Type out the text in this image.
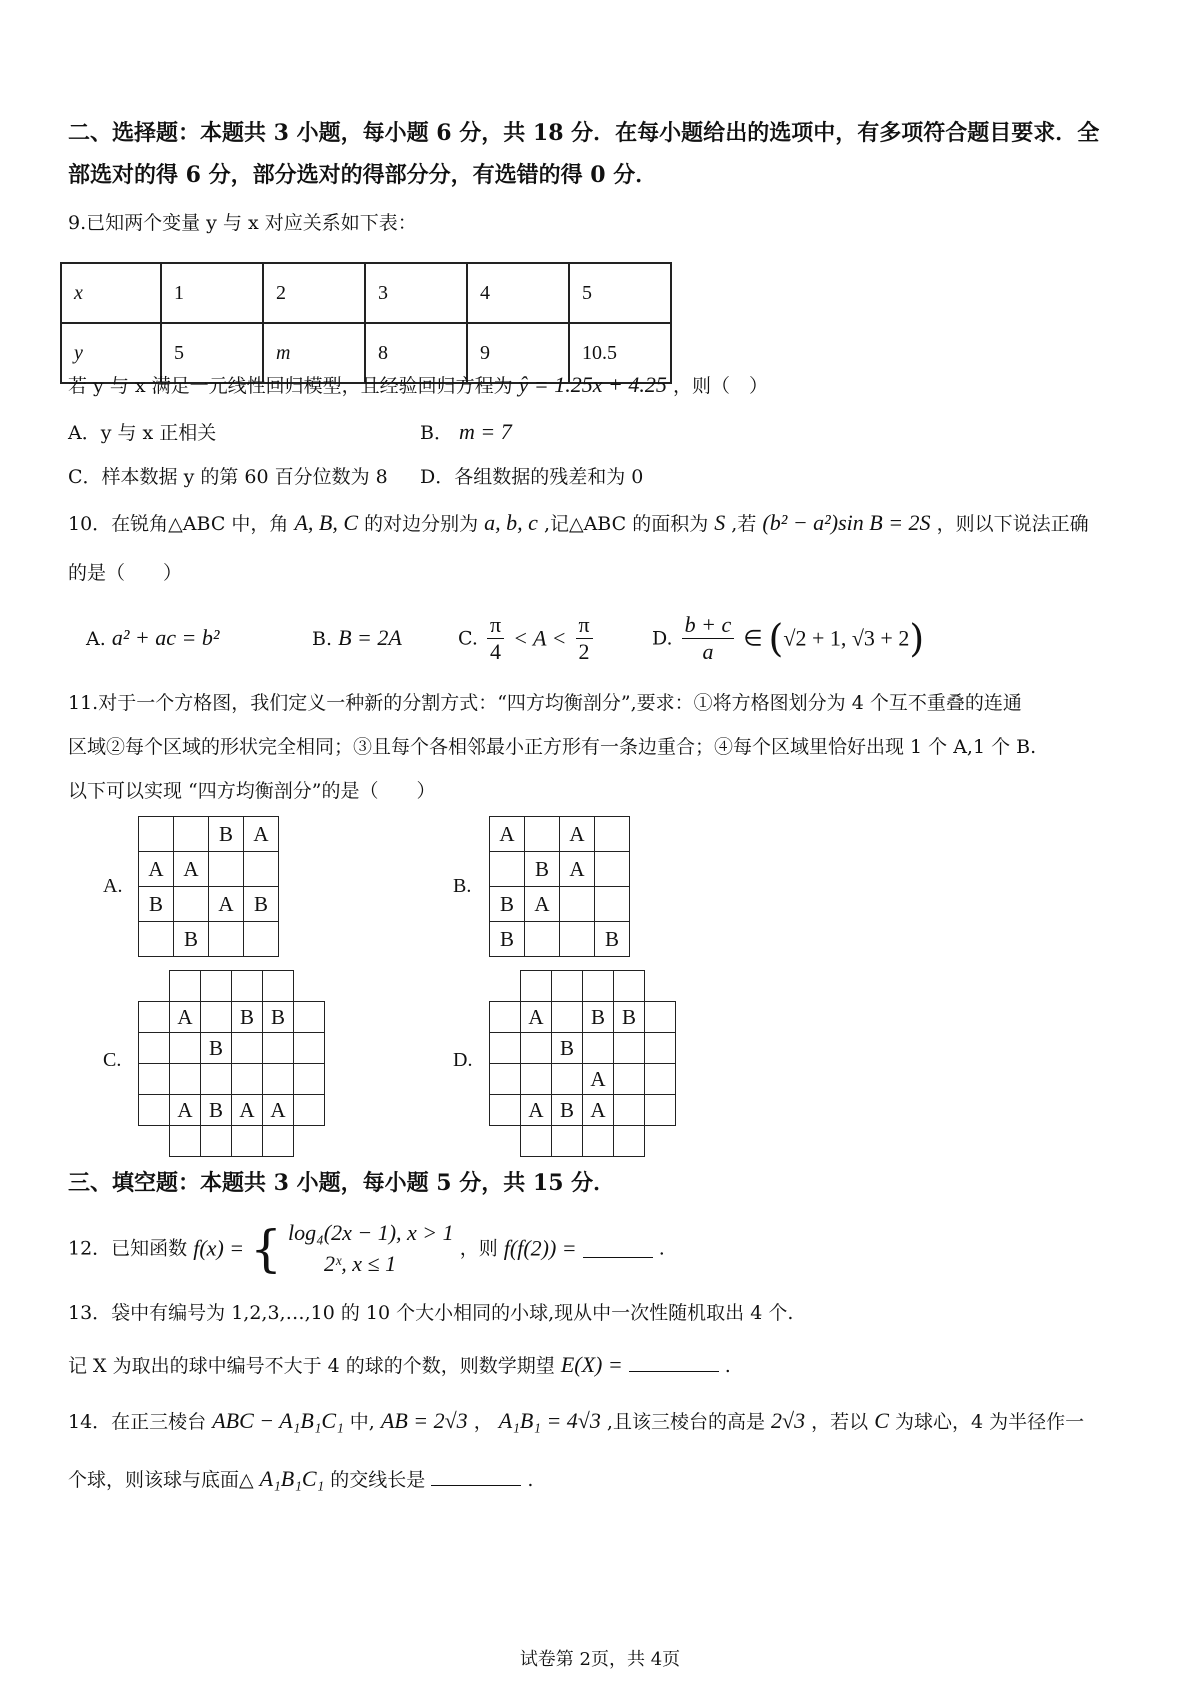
二、选择题：本题共 3 小题，每小题 6 分，共 18 分．在每小题给出的选项中，有多项符合题目要求．全
部选对的得 6 分，部分选对的得部分分，有选错的得 0 分．
9.已知两个变量 y 与 x 对应关系如下表：
x	1	2	3	4	5
y	5	m	8	9	10.5
若 y 与 x 满足一元线性回归模型，且经验回归方程为 ŷ = 1.25x + 4.25 ，则（　）
A．y 与 x 正相关	B． m = 7
C．样本数据 y 的第 60 百分位数为 8 D．各组数据的残差和为 0
10．在锐角△ABC 中，角 A, B, C 的对边分别为 a, b, c ,记△ABC 的面积为 S ,若 (b² − a²)sin B = 2S ，则以下说法正确
的是（　　）
A. a² + ac = b²	B. B = 2A	C. $\frac{\pi}{4} < A < \frac{\pi}{2}$	D. $\frac{b + c}{a}$ ∈ (√2 + 1, √3 + 2)
11.对于一个方格图，我们定义一种新的分割方式：“四方均衡剖分”,要求：①将方格图划分为 4 个互不重叠的连通
区域②每个区域的形状完全相同；③且每个各相邻最小正方形有一条边重合；④每个区域里恰好出现 1 个 A,1 个 B.
以下可以实现 “四方均衡剖分”的是（　　）
A.
		B	A
A	A		
B		A	B
	B		
B.
A		A	
	B	A	
B	A		
B			B
C.

	A		B	B	
		B			

	A	B	A	A	

D.

	A		B	B	
		B			
			A		
	A	B	A		

三、填空题：本题共 3 小题，每小题 5 分，共 15 分．
12．已知函数 f(x) = { log₄(2x − 1), x > 1
2ˣ, x ≤ 1
，则 f(f(2)) =	.
13．袋中有编号为 1,2,3,…,10 的 10 个大小相同的小球,现从中一次性随机取出 4 个.
记 X 为取出的球中编号不大于 4 的球的个数，则数学期望 E(X) =	.
14．在正三棱台 ABC − A₁B₁C₁ 中, AB = 2√3 ， A₁B₁ = 4√3 ,且该三棱台的高是 2√3 ，若以 C 为球心，4 为半径作一
个球，则该球与底面△ A₁B₁C₁ 的交线长是	.
试卷第 2页，共 4页
